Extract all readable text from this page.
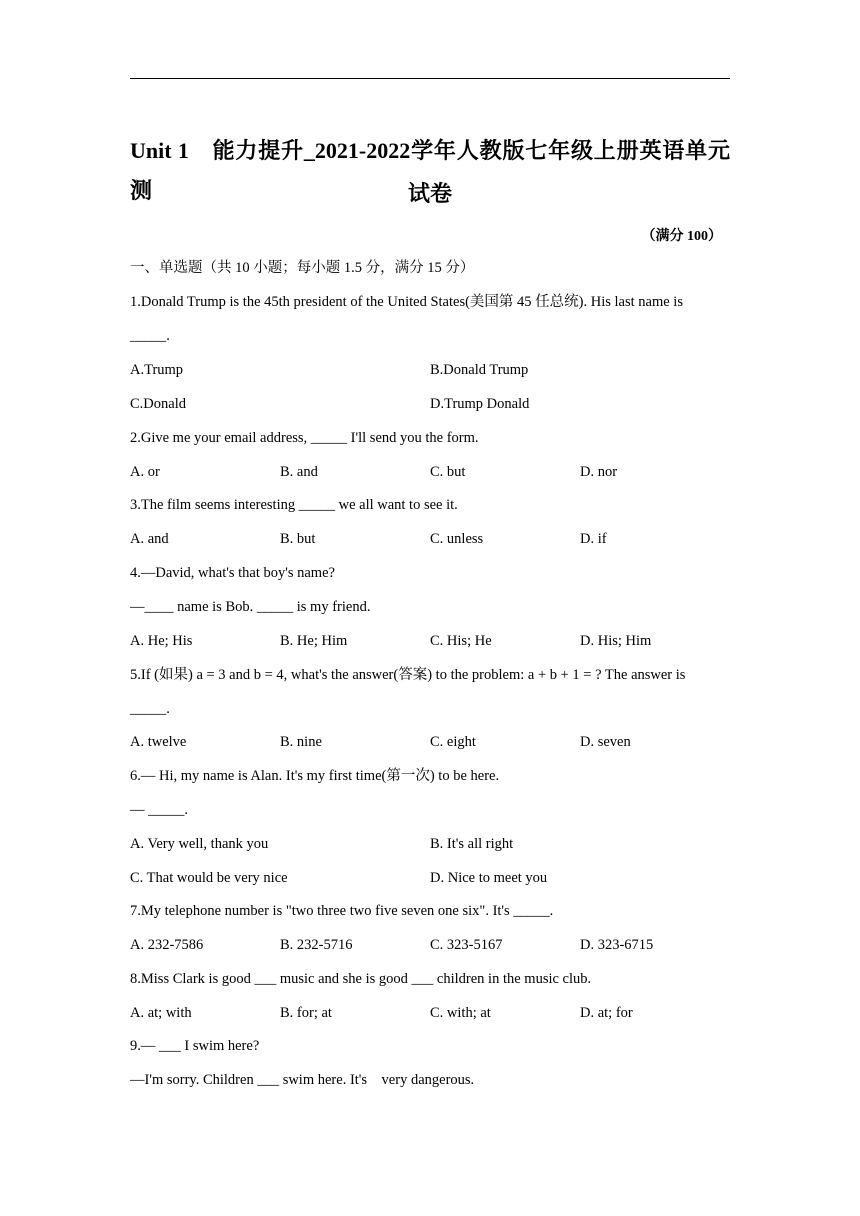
Unit 1　能力提升_2021-2022学年人教版七年级上册英语单元测	试卷
（满分 100）
一、单选题（共 10 小题；每小题 1.5 分，满分 15 分）
1.Donald Trump is the 45th president of the United States(美国第 45 任总统). His last name is
_____.
A.Trump	B.Donald Trump
C.Donald	D.Trump Donald
2.Give me your email address, _____ I'll send you the form.
A. or	B. and	C. but	D. nor
3.The film seems interesting _____ we all want to see it.
A. and	B. but	C. unless	D. if
4.—David, what's that boy's name?
—____ name is Bob. _____ is my friend.
A. He; His	B. He; Him	C. His; He	D. His; Him
5.If (如果) a = 3 and b = 4, what's the answer(答案) to the problem: a + b + 1 = ? The answer is
_____.
A. twelve	B. nine	C. eight	D. seven
6.— Hi, my name is Alan. It's my first time(第一次) to be here.
— _____.
A. Very well, thank you	B. It's all right
C. That would be very nice	D. Nice to meet you
7.My telephone number is "two three two five seven one six". It's _____.
A. 232-7586	B. 232-5716	C. 323-5167	D. 323-6715
8.Miss Clark is good ___ music and she is good ___ children in the music club.
A. at; with	B. for; at	C. with; at	D. at; for
9.— ___ I swim here?
—I'm sorry. Children ___ swim here. It's　very dangerous.
